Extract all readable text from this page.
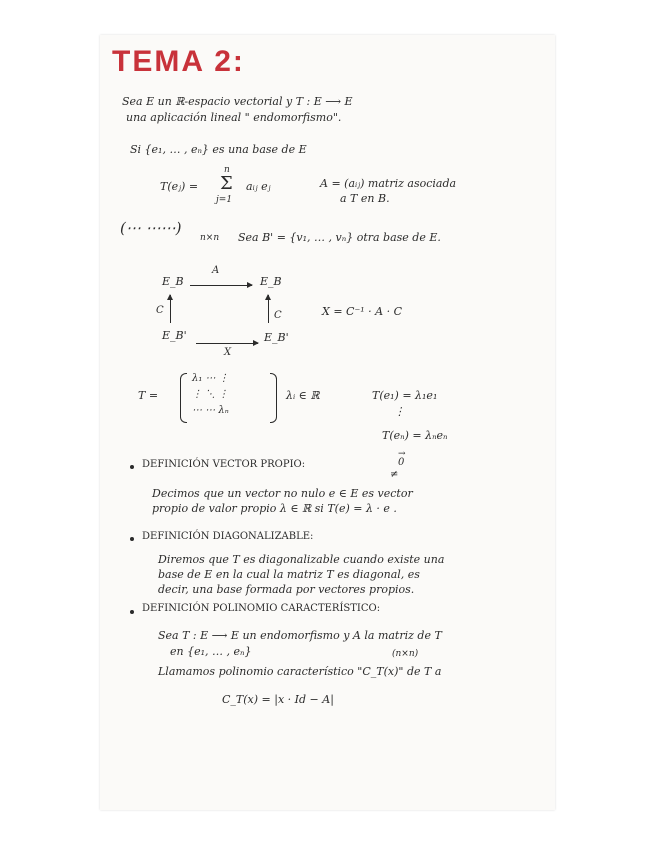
TEMA 2:
Sea E un ℝ-espacio vectorial y T : E ⟶ E
una aplicación lineal " endomorfismo".
Si {e₁, … , eₙ} es una base de E
T(eⱼ) =
n
Σ
j=1
aᵢⱼ eⱼ	A = (aᵢⱼ) matriz asociada
a T en B.
(⋯ ⋯⋯)
n×n Sea B' = {v₁, … , vₙ} otra base de E.
E_B
A
E_B
C	C	X = C⁻¹ · A · C
E_B'
X
E_B'
T =
λ₁ ⋯ ⋮
⋮ ⋱ ⋮
⋯ ⋯ λₙ
λᵢ ∈ ℝ	T(e₁) = λ₁e₁
⋮
T(eₙ) = λₙeₙ
DEFINICIÓN VECTOR PROPIO:
→
0
≠
Decimos que un vector no nulo e ∈ E es vector
propio de valor propio λ ∈ ℝ si T(e) = λ · e .
DEFINICIÓN DIAGONALIZABLE:
Diremos que T es diagonalizable cuando existe una
base de E en la cual la matriz T es diagonal, es
decir, una base formada por vectores propios.
DEFINICIÓN POLINOMIO CARACTERÍSTICO:
Sea T : E ⟶ E un endomorfismo y A la matriz de T
en {e₁, … , eₙ}	(n×n)
Llamamos polinomio característico "C_T(x)" de T a
C_T(x) = |x · Id − A|
